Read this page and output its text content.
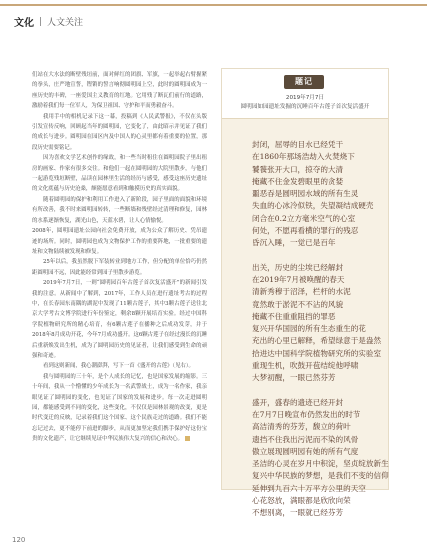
文化 人文关注

们站在大水法的断壁残垣前，面对鲜红的团旗、军旗，一起举起右臂握紧的拳头，庄严地宣誓，铿锵的誓言响彻圆明园上空，此时的圆明园成为一座历史的丰碑，一座爱国主义教育的红地。它用残了断瓦们前行的道路，激励着我们每一位军人，为保卫祖国、守护和平而勇毅奋斗。

我用手中的相机记录下这一幕，投稿到《人民武警报》，不仅在头版引发宣传反响，回顾起当年的圆明园，它变化了，由此昭示并见证了我们的成长与进步。圆明园在园区内及中国人的心灵里都有着重要的位置，那段历史需要铭记。

因为喜欢文学艺术创作的缘故，和一些当时租住在圆明园院子里出租房的画家、作家有很多交往。和他们一起在圆明园的大院里散步，与他们一起游览残垣断壁，品读在园林里生活的经历与感受，感受这座历史遗址的文化底蕴与历史沧桑，颇能愿意看到和触摸历史的真实面貌。

随着圆明园的保护和利用工作进入了新阶段，园子里面的面貌和环境有所改善，我不时来圆明园转转，一些断墙和残壁经过清理和修复，园林的水系逐渐恢复，湖光山色，天蓝水碧，让人心情愉悦。

2008年，圆明园遗址公园向社会免费开放，成为公众了解历史、凭吊遗迹的场所。同时，圆明园也成为文物保护工作的重要阵地，一批重要的遗址和文物陆续被发现和修复。

25年以后，我虽然脱下军装转业到地方工作，但分配的单位恰巧仍然距圆明园不远，因此能经常到园子里散步游览。

2019年7月7日，一则“圆明园百年古莲子首次复活盛开”的新闻引发我的注意。从新闻中了解到，2017年，工作人员在进行遗址考古的过程中，在长春园东南隅的湖泥中发现了11颗古莲子，其中3颗古莲子送往北京大学考古文博学院进行年份鉴定，剩余8颗开展培育实验。经过中国科学院植物研究所的精心培育，有6颗古莲子在播种之后成功发芽，并于2018年8月成功开花，今年7月成功盛开。这6颗古莲子在经过漫长的沉睡后重新焕发出生机，成为了圆明园历史的见证者，让我们感受到生命的顽强和奇迹。

看到这则新闻，我心潮澎湃，写下一首《盛开的古莲》（见右）。

我与圆明园的三十年，是个人成长的记忆，也是国家发展的缩影。三十年间，我从一个懵懂的少年成长为一名武警战士，成为一名作家，我亲眼见证了圆明园的变化，也见证了国家的发展和进步。每一次走进圆明园，都能感受到不同的变化，这些变化，不仅仅是园林景观的改变，更是时代变迁的反映，记录着我们这个国家、这个民族走过的道路。我们不能忘记过去，更不能停下前进的脚步，从而更加坚定我们携手保护好这份宝贵的文化遗产，让它继续见证中华民族伟大复兴的信心和决心。

题记
2019年7月7日
圆明园如园遗址发掘的沉睡百年古莲子首次复活盛开
封闭，屈辱的目水已经凭干
在1860年那场浩劫入火焚烧下
饕餮张开大口，掠夺的大清
掩藏不住金发碧眼里的贪婪
噩恶吞是圆明园水域的所有生灵
失血的心冰冷似铁，失望凝结成硬壳
闭合在0.2立方毫米空气的心室
何处，不愿再看横的罪行的残忍
昏沉入睡，一觉已是百年
出关，历史的尘埃已经解封
在2019年7月被唤醒的春天
清新秀穆于沼泽，栏杆的水泥
竟然敢于淤泥不不沾的风貌
掩藏不住重重阻挡的罪恶
复兴开华国园的所有生态重生的花
充出的心里已解释，希望绿意于是盎然
拾进达中国科学院植物研究所的实验室
重现生机，吹鼓开苞结绽他呼啸
大梦初醒，一眼已然芬芳
盛开，盛春的遗迹已经开封
在7月7日晚宣布仍然发出的时节
高洁清秀的芬芳，馥立的荷叶
遗挡不住我出污泥而不染的风骨
傲立展现圆明园有她的所有气度
圣洁的心灵在岁月中积淀，坚贞绽放新生
复兴中华民族的梦想，是我们不变的信仰
延伸到九百六十万平方公里的天空
心花怒放，满眼都是欣欣向荣
不想别离，一眼就已经芬芳
120
